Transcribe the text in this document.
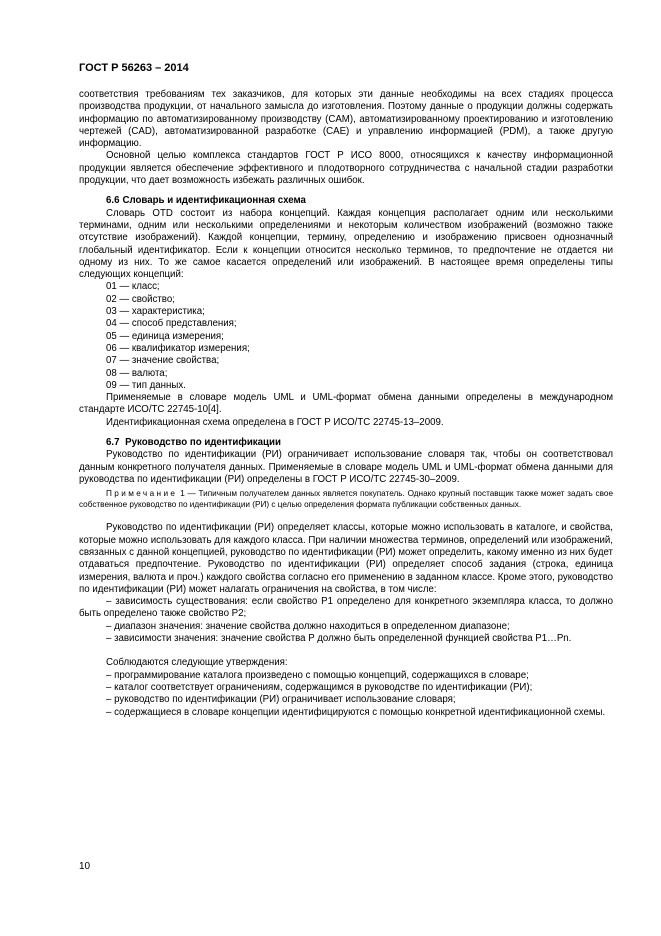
ГОСТ Р 56263 – 2014

соответствия требованиям тех заказчиков, для которых эти данные необходимы на всех стадиях процесса производства продукции, от начального замысла до изготовления. Поэтому данные о продукции должны содержать информацию по автоматизированному производству (CAM), автоматизированному проектированию и изготовлению чертежей (CAD), автоматизированной разработке (CAE) и управлению информацией (PDM), а также другую информацию.

Основной целью комплекса стандартов ГОСТ Р ИСО 8000, относящихся к качеству информационной продукции является обеспечение эффективного и плодотворного сотрудничества с начальной стадии разработки продукции, что дает возможность избежать различных ошибок.

6.6 Словарь и идентификационная схема

Словарь OTD состоит из набора концепций. Каждая концепция располагает одним или несколькими терминами, одним или несколькими определениями и некоторым количеством изображений (возможно также отсутствие изображений). Каждой концепции, термину, определению и изображению присвоен однозначный глобальный идентификатор. Если к концепции относится несколько терминов, то предпочтение не отдается ни одному из них. То же самое касается определений или изображений. В настоящее время определены типы следующих концепций:

01 — класс;
02 — свойство;
03 — характеристика;
04 — способ представления;
05 — единица измерения;
06 — квалификатор измерения;
07 — значение свойства;
08 — валюта;
09 — тип данных.

Применяемые в словаре модель UML и UML-формат обмена данными определены в международном стандарте ИСО/ТС 22745-10[4].

Идентификационная схема определена в ГОСТ Р ИСО/ТС 22745-13–2009.

6.7 Руководство по идентификации

Руководство по идентификации (РИ) ограничивает использование словаря так, чтобы он соответствовал данным конкретного получателя данных. Применяемые в словаре модель UML и UML-формат обмена данными для руководства по идентификации (РИ) определены в ГОСТ Р ИСО/ТС 22745-30–2009.

Примечание 1 — Типичным получателем данных является покупатель. Однако крупный поставщик также может задать свое собственное руководство по идентификации (РИ) с целью определения формата публикации собственных данных.

Руководство по идентификации (РИ) определяет классы, которые можно использовать в каталоге, и свойства, которые можно использовать для каждого класса. При наличии множества терминов, определений или изображений, связанных с данной концепцией, руководство по идентификации (РИ) может определить, какому именно из них будет отдаваться предпочтение. Руководство по идентификации (РИ) определяет способ задания (строка, единица измерения, валюта и проч.) каждого свойства согласно его применению в заданном классе. Кроме этого, руководство по идентификации (РИ) может налагать ограничения на свойства, в том числе:

– зависимость существования: если свойство P1 определено для конкретного экземпляра класса, то должно быть определено также свойство P2;

– диапазон значения: значение свойства должно находиться в определенном диапазоне;

– зависимости значения: значение свойства P должно быть определенной функцией свойства P1…Pn.

Соблюдаются следующие утверждения:

– программирование каталога произведено с помощью концепций, содержащихся в словаре;

– каталог соответствует ограничениям, содержащимся в руководстве по идентификации (РИ);

– руководство по идентификации (РИ) ограничивает использование словаря;

– содержащиеся в словаре концепции идентифицируются с помощью конкретной идентификационной схемы.

10
